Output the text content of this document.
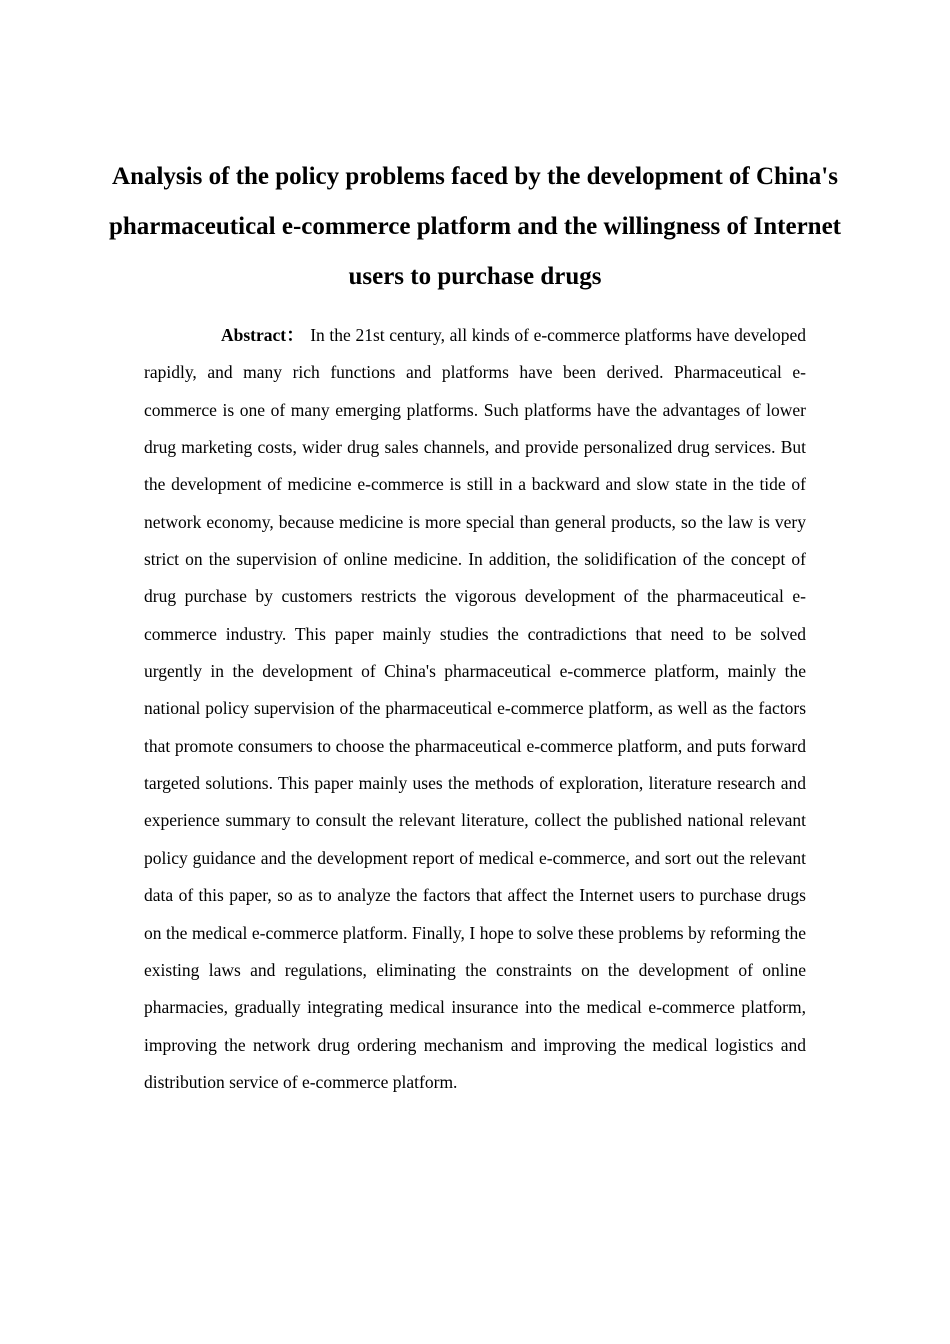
Analysis of the policy problems faced by the development of China's pharmaceutical e-commerce platform and the willingness of Internet users to purchase drugs

Abstract： In the 21st century, all kinds of e-commerce platforms have developed rapidly, and many rich functions and platforms have been derived. Pharmaceutical e-commerce is one of many emerging platforms. Such platforms have the advantages of lower drug marketing costs, wider drug sales channels, and provide personalized drug services. But the development of medicine e-commerce is still in a backward and slow state in the tide of network economy, because medicine is more special than general products, so the law is very strict on the supervision of online medicine. In addition, the solidification of the concept of drug purchase by customers restricts the vigorous development of the pharmaceutical e-commerce industry. This paper mainly studies the contradictions that need to be solved urgently in the development of China's pharmaceutical e-commerce platform, mainly the national policy supervision of the pharmaceutical e-commerce platform, as well as the factors that promote consumers to choose the pharmaceutical e-commerce platform, and puts forward targeted solutions. This paper mainly uses the methods of exploration, literature research and experience summary to consult the relevant literature, collect the published national relevant policy guidance and the development report of medical e-commerce, and sort out the relevant data of this paper, so as to analyze the factors that affect the Internet users to purchase drugs on the medical e-commerce platform. Finally, I hope to solve these problems by reforming the existing laws and regulations, eliminating the constraints on the development of online pharmacies, gradually integrating medical insurance into the medical e-commerce platform, improving the network drug ordering mechanism and improving the medical logistics and distribution service of e-commerce platform.
